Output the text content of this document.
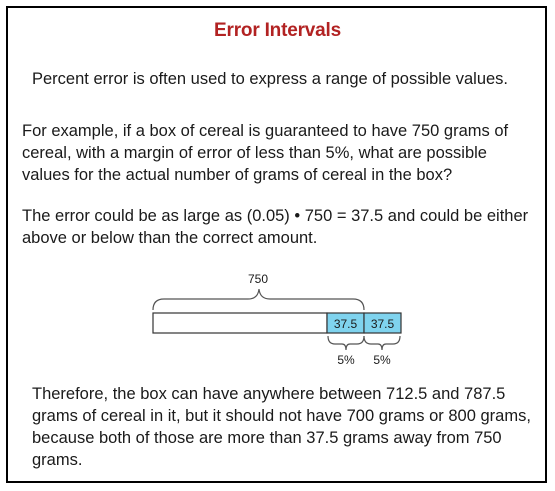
Error Intervals

Percent error is often used to express a range of possible values.

For example, if a box of cereal is guaranteed to have 750 grams of cereal, with a margin of error of less than 5%, what are possible values for the actual number of grams of cereal in the box?

The error could be as large as (0.05) • 750 = 37.5 and could be either above or below than the correct amount.

750
37.5 37.5
5% 5%

Therefore, the box can have anywhere between 712.5 and 787.5 grams of cereal in it, but it should not have 700 grams or 800 grams, because both of those are more than 37.5 grams away from 750 grams.
